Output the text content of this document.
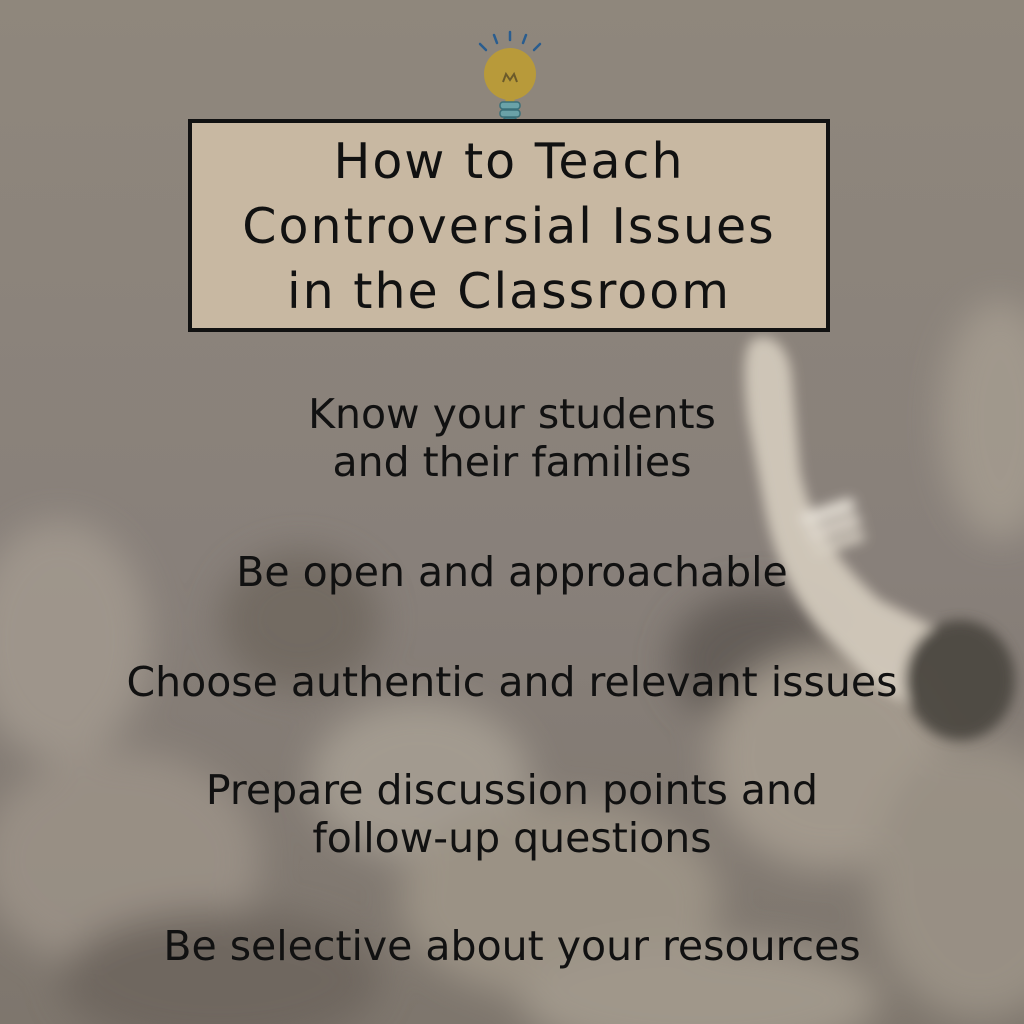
How to Teach
Controversial Issues
in the Classroom
Know your students
and their families
Be open and approachable
Choose authentic and relevant issues
Prepare discussion points and
follow-up questions
Be selective about your resources
